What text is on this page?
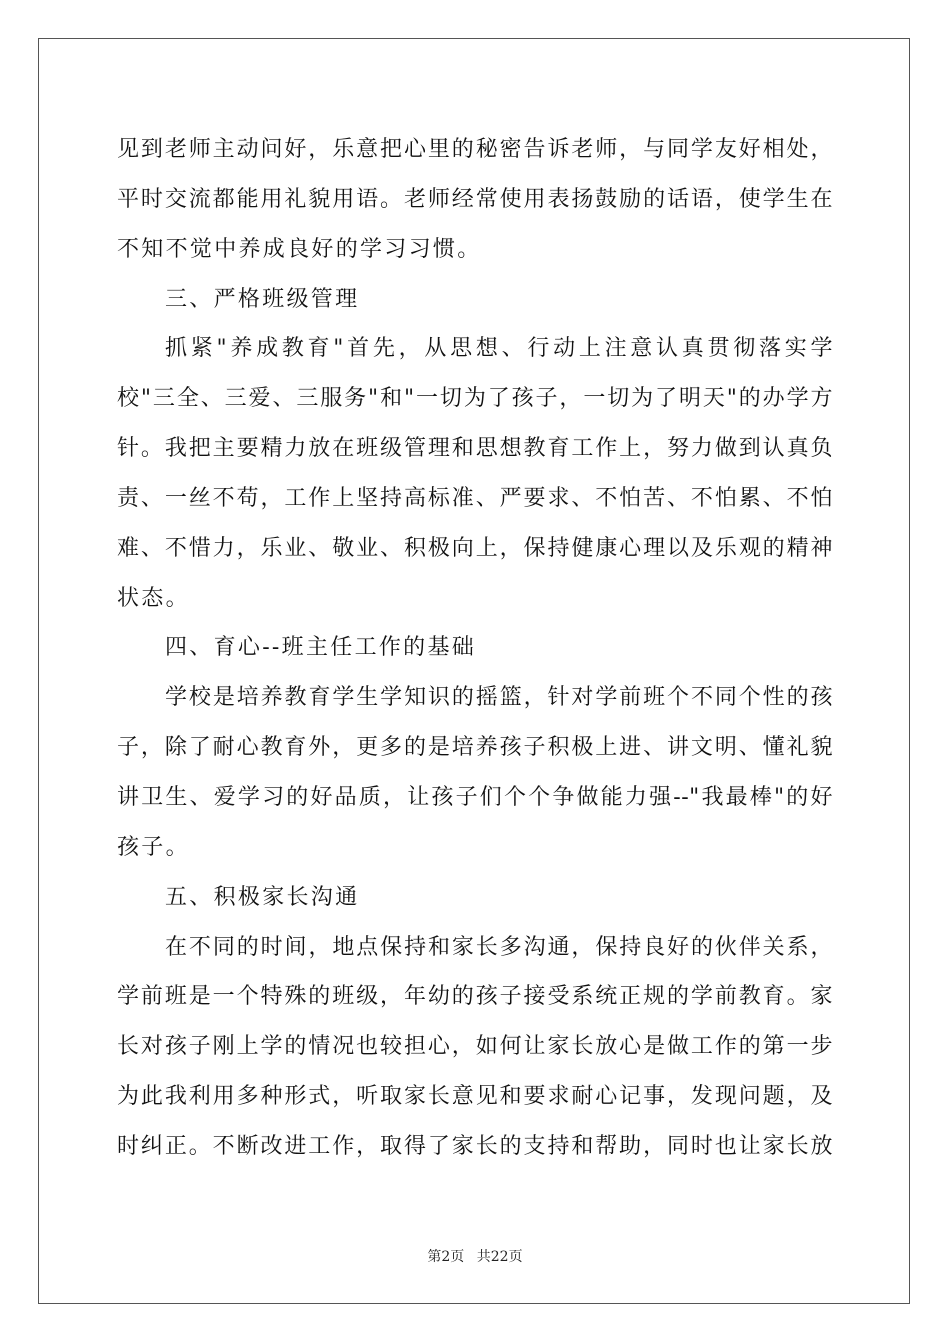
见到老师主动问好，乐意把心里的秘密告诉老师，与同学友好相处，
平时交流都能用礼貌用语。老师经常使用表扬鼓励的话语，使学生在
不知不觉中养成良好的学习习惯。
三、严格班级管理
抓紧"养成教育"首先，从思想、行动上注意认真贯彻落实学
校"三全、三爱、三服务"和"一切为了孩子，一切为了明天"的办学方
针。我把主要精力放在班级管理和思想教育工作上，努力做到认真负
责、一丝不苟，工作上坚持高标准、严要求、不怕苦、不怕累、不怕
难、不惜力，乐业、敬业、积极向上，保持健康心理以及乐观的精神
状态。
四、育心--班主任工作的基础
学校是培养教育学生学知识的摇篮，针对学前班个不同个性的孩
子，除了耐心教育外，更多的是培养孩子积极上进、讲文明、懂礼貌
讲卫生、爱学习的好品质，让孩子们个个争做能力强--"我最棒"的好
孩子。
五、积极家长沟通
在不同的时间，地点保持和家长多沟通，保持良好的伙伴关系，
学前班是一个特殊的班级，年幼的孩子接受系统正规的学前教育。家
长对孩子刚上学的情况也较担心，如何让家长放心是做工作的第一步
为此我利用多种形式，听取家长意见和要求耐心记事，发现问题，及
时纠正。不断改进工作，取得了家长的支持和帮助，同时也让家长放
第2页 共22页
